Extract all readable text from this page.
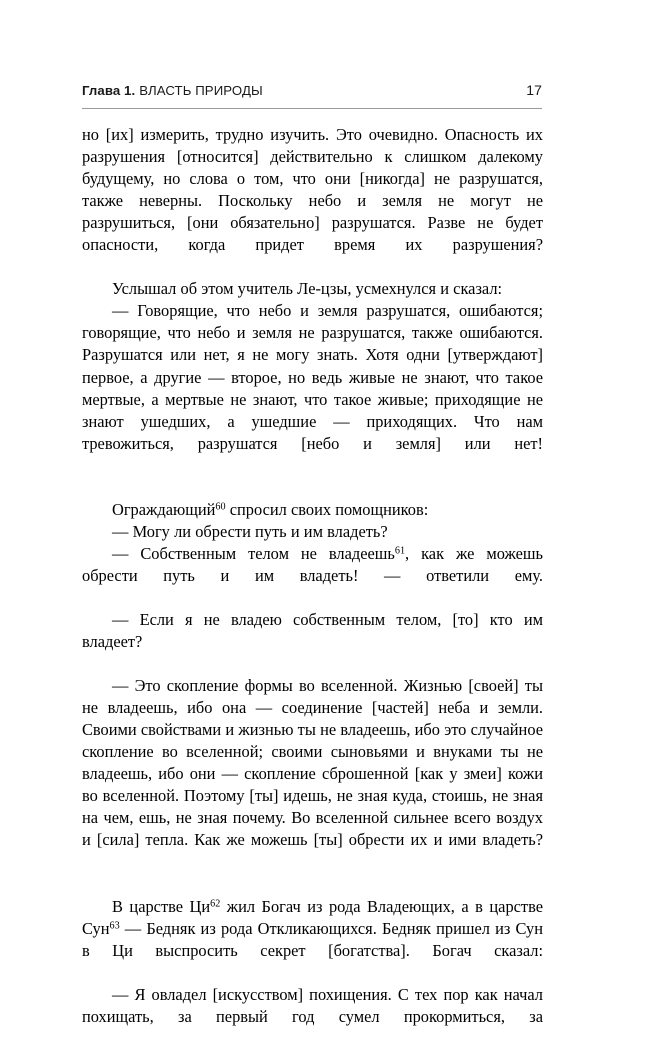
Глава 1. ВЛАСТЬ ПРИРОДЫ	17

но [их] измерить, трудно изучить. Это очевидно. Опасность их разрушения [относится] действительно к слишком далекому будущему, но слова о том, что они [никогда] не разрушатся, также неверны. Поскольку небо и земля не могут не разрушиться, [они обязательно] разрушатся. Разве не будет опасности, когда придет время их разрушения?

Услышал об этом учитель Ле-цзы, усмехнулся и сказал:

— Говорящие, что небо и земля разрушатся, ошибаются; говорящие, что небо и земля не разрушатся, также ошибаются. Разрушатся или нет, я не могу знать. Хотя одни [утверждают] первое, а другие — второе, но ведь живые не знают, что такое мертвые, а мертвые не знают, что такое живые; приходящие не знают ушедших, а ушедшие — приходящих. Что нам тревожиться, разрушатся [небо и земля] или нет!

Ограждающий$^{60}$ спросил своих помощников:

— Могу ли обрести путь и им владеть?

— Собственным телом не владеешь$^{61}$, как же можешь обрести путь и им владеть! — ответили ему.

— Если я не владею собственным телом, [то] кто им владеет?

— Это скопление формы во вселенной. Жизнью [своей] ты не владеешь, ибо она — соединение [частей] неба и земли. Своими свойствами и жизнью ты не владеешь, ибо это случайное скопление во вселенной; своими сыновьями и внуками ты не владеешь, ибо они — скопление сброшенной [как у змеи] кожи во вселенной. Поэтому [ты] идешь, не зная куда, стоишь, не зная на чем, ешь, не зная почему. Во вселенной сильнее всего воздух и [сила] тепла. Как же можешь [ты] обрести их и ими владеть?

В царстве $Ци^{62}$ жил Богач из рода Владеющих, а в царстве Сун$^{63}$ — Бедняк из рода Откликающихся. Бедняк пришел из Сун в Ци выспросить секрет [богатства]. Богач сказал:

— Я овладел [искусством] похищения. С тех пор как начал похищать, за первый год сумел прокормиться, за
